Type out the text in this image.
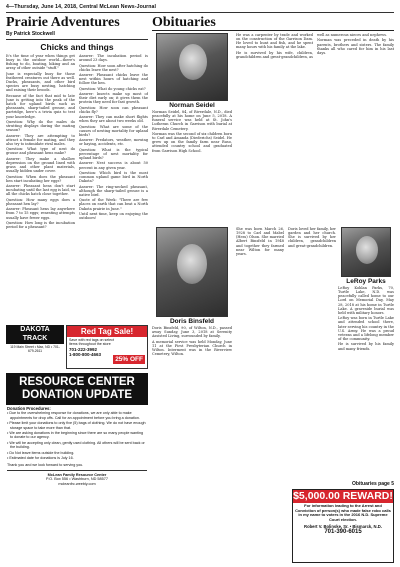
4—Thursday, June 14, 2018, Central McLean News-Journal
Prairie Adventures
By Patrick Stockwell
Chicks and things

It's the time of year when things get busy in the outdoor world—there's fishing to do, boating, hiking and an array of other outside "stuff."

June is especially busy for those feathered creatures out there as well. Ducks, pheasants, and other bird species are busy nesting, hatching and raising their broods.

Because of the fact that mid to late June is getting into the peak of the hatch for upland birds such as pheasants, sharp-tailed grouse, and partridge, here's a trivia quiz to test your knowledge.

Question: Why do the males do strutting displays during the mating season?

Answer: They are attempting to attract a female for mating, and they also try to intimidate rival males.

Question: What type of nest do grouse and pheasant hens make?

Answer: They make a shallow depression on the ground lined with grass and other plant materials, usually hidden under cover.

Question: When does the pheasant hen start incubating her eggs?

Answer: Pheasant hens don't start incubating until the last egg is laid, so all the chicks hatch close together.

Question: How many eggs does a pheasant hen lay?

Answer: Pheasant hens lay anywhere from 7 to 15 eggs; renesting attempts usually have fewer eggs.

Question: How long is the incubation period for a pheasant?

Answer: The incubation period is around 23 days.

Question: How soon after hatching do chicks leave the nest?

Answer: Pheasant chicks leave the nest within hours of hatching and follow the hen.

Question: What do young chicks eat?

Answer: Insects make up most of their diet early on; it gives them the protein they need for fast growth.

Question: How soon can pheasant chicks fly?

Answer: They can make short flights when they are about two weeks old.

Question: What are some of the causes of nesting mortality for upland birds?

Answer: Predators, weather, mowing or haying, accidents, etc.

Question: What is the typical percentage of nest mortality for upland birds?

Answer: Nest success is about 50 percent in any given year.

Question: Which bird is the most common upland game bird in North Dakota?

Answer: The ring-necked pheasant, although the sharp-tailed grouse is a native bird.

Quote of the Week: "There are few places on earth that can beat a North Dakota prairie in June."

Until next time, keep on enjoying the outdoors!

DAKOTA
TRACK
119 Main Street • Max, ND • 701-679-2611
Red Tag Sale!
Save with red tags on select items throughout the store
701-222-3992
1-800-800-4663
25% OFF
RESOURCE CENTER
DONATION UPDATE
Donation Procedures:
• Due to the overwhelming response for donations, we are only able to make appointments for drop offs. Call for an appointment before you bring a donation.
• Please limit your donations to only five (5) bags of clothing. We do not have enough storage space to take more than that.
• We are asking donations in the beginning since there are so many people wanting to donate to our agency.
• We will be accepting only clean, gently used clothing. All others will be sent back or the building.
• Do Not leave items outside the building.
• Estimated date for donations is July 16.
Thank you and we look forward to serving you.
McLean Family Resource Center
P.O. Box 556 • Washburn, ND 58577
mcleanfrc.weebly.com
Obituaries
Norman Seidel

Norman Seidel, 84, of Riverdale, N.D., died peacefully at his home on June 5, 2018. A funeral service was held at St. John's Lutheran Church in Garrison with burial at Riverdale Cemetery.

Norman was the second of six children born to Carl and Amanda (Diederichs) Seidel. He grew up on the family farm near Ruso, attended country school and graduated from Garrison High School.

He was a carpenter by trade and worked on the construction of the Garrison Dam. He loved to hunt and fish, and he spent many hours with his family at the lake.

He is survived by his wife, children, grandchildren and great-grandchildren, as well as numerous nieces and nephews.

Norman was preceded in death by his parents, brothers and sisters. The family thanks all who cared for him in his last days.

Doris Binsfeld

Doris Binsfeld, 90, of Wilton, N.D., passed away Sunday, June 3, 2018 at Serenity Assisted Living, surrounded by family.

A memorial service was held Monday, June 11 at the First Presbyterian Church in Wilton. Interment was in the Riverview Cemetery, Wilton.

She was born March 26, 1928 to Carl and Mabel (Hess) Olson. She married Albert Binsfeld in 1948 and together they farmed near Wilton for many years.

Doris loved her family, her garden and her church. She is survived by her children, grandchildren and great-grandchildren.

LeRoy Parks

LeRoy Kohlan Parks, 70, Turtle Lake, N.D. was peacefully called home to our Lord on Memorial Day, May 28, 2018 at his home in Turtle Lake. A graveside burial was held with military honors.

LeRoy was born in Turtle Lake and attended school there, later serving his country in the U.S. Army. He was a proud veteran and a lifelong member of the community.

He is survived by his family and many friends.

Obituaries page 5
$5,000.00 REWARD!
For information leading to the Arrest and Conviction of person(s) who made false robo calls in my name to voters in the 2016 N.D. Supreme Court election.
Robert V. Bolinske, Sr. • Bismarck, N.D.
701-390-6015
